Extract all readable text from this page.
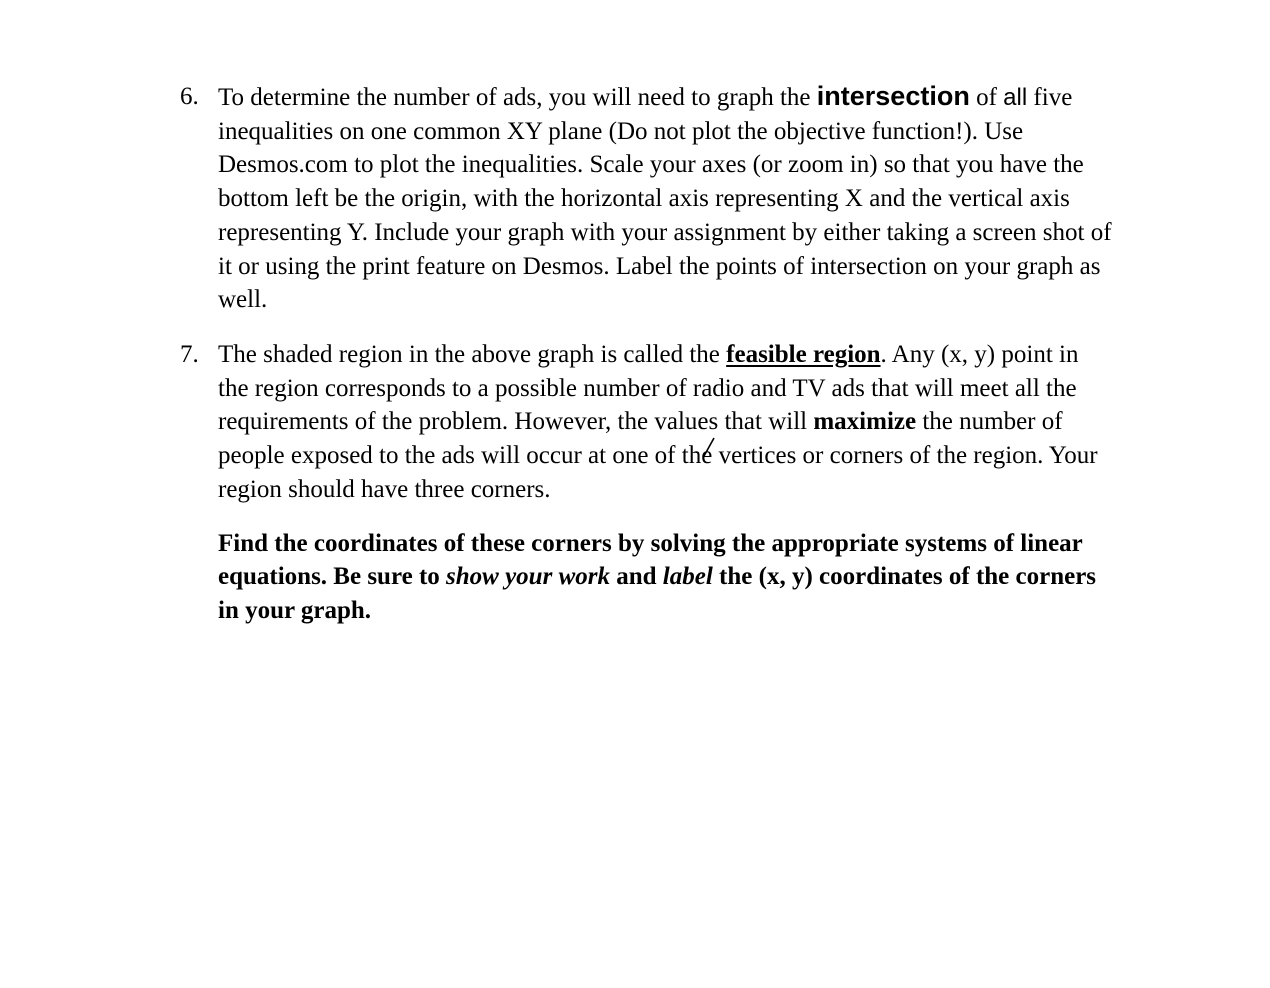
6. To determine the number of ads, you will need to graph the intersection of all five
inequalities on one common XY plane (Do not plot the objective function!). Use
Desmos.com to plot the inequalities. Scale your axes (or zoom in) so that you have the
bottom left be the origin, with the horizontal axis representing X and the vertical axis
representing Y. Include your graph with your assignment by either taking a screen shot of
it or using the print feature on Desmos. Label the points of intersection on your graph as
well.
7. The shaded region in the above graph is called the feasible region. Any (x, y) point in
the region corresponds to a possible number of radio and TV ads that will meet all the
requirements of the problem. However, the values that will maximize the number of
people exposed to the ads will occur at one of the
vertices or corners of the region. Your
region should have three corners.
Find the coordinates of these corners by solving the appropriate systems of linear
equations. Be sure to show your work and label the (x, y) coordinates of the corners
in your graph.
